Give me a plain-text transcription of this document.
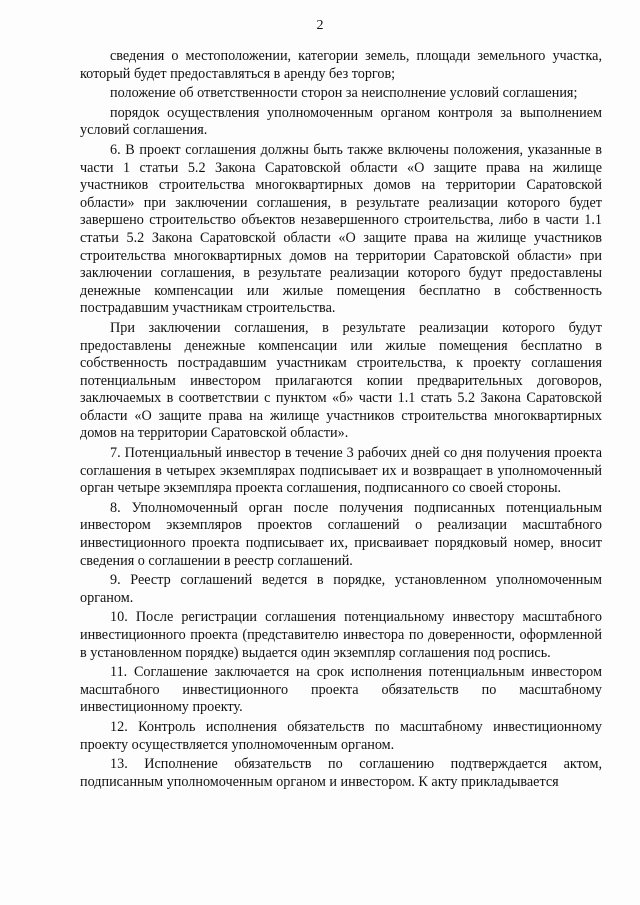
2

сведения о местоположении, категории земель, площади земельного участка, который будет предоставляться в аренду без торгов;

положение об ответственности сторон за неисполнение условий соглашения;

порядок осуществления уполномоченным органом контроля за выполнением условий соглашения.

6. В проект соглашения должны быть также включены положения, указанные в части 1 статьи 5.2 Закона Саратовской области «О защите права на жилище участников строительства многоквартирных домов на территории Саратовской области» при заключении соглашения, в результате реализации которого будет завершено строительство объектов незавершенного строительства, либо в части 1.1 статьи 5.2 Закона Саратовской области «О защите права на жилище участников строительства многоквартирных домов на территории Саратовской области» при заключении соглашения, в результате реализации которого будут предоставлены денежные компенсации или жилые помещения бесплатно в собственность пострадавшим участникам строительства.

При заключении соглашения, в результате реализации которого будут предоставлены денежные компенсации или жилые помещения бесплатно в собственность пострадавшим участникам строительства, к проекту соглашения потенциальным инвестором прилагаются копии предварительных договоров, заключаемых в соответствии с пунктом «б» части 1.1 стать 5.2 Закона Саратовской области «О защите права на жилище участников строительства многоквартирных домов на территории Саратовской области».

7. Потенциальный инвестор в течение 3 рабочих дней со дня получения проекта соглашения в четырех экземплярах подписывает их и возвращает в уполномоченный орган четыре экземпляра проекта соглашения, подписанного со своей стороны.

8. Уполномоченный орган после получения подписанных потенциальным инвестором экземпляров проектов соглашений о реализации масштабного инвестиционного проекта подписывает их, присваивает порядковый номер, вносит сведения о соглашении в реестр соглашений.

9. Реестр соглашений ведется в порядке, установленном уполномоченным органом.

10. После регистрации соглашения потенциальному инвестору масштабного инвестиционного проекта (представителю инвестора по доверенности, оформленной в установленном порядке) выдается один экземпляр соглашения под роспись.

11. Соглашение заключается на срок исполнения потенциальным инвестором масштабного инвестиционного проекта обязательств по масштабному инвестиционному проекту.

12. Контроль исполнения обязательств по масштабному инвестиционному проекту осуществляется уполномоченным органом.

13. Исполнение обязательств по соглашению подтверждается актом, подписанным уполномоченным органом и инвестором. К акту прикладывается
